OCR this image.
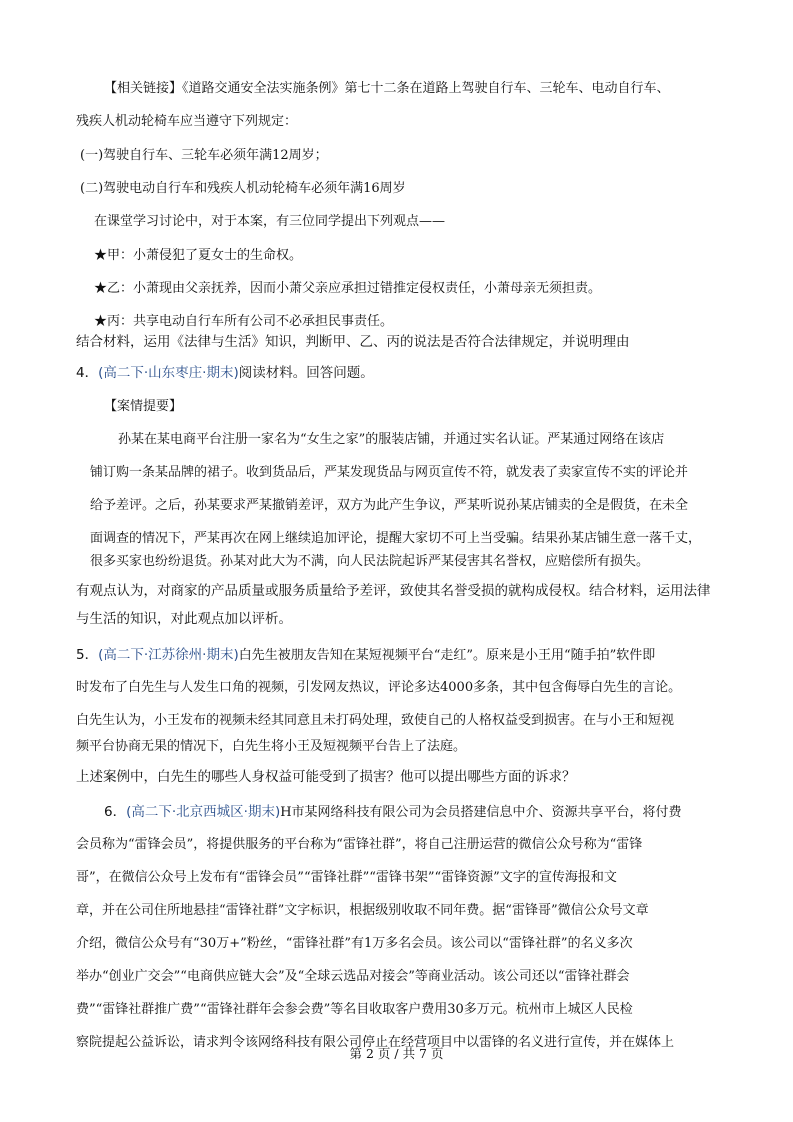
【相关链接】《道路交通安全法实施条例》第七十二条在道路上驾驶自行车、三轮车、电动自行车、
残疾人机动轮椅车应当遵守下列规定：
(一)驾驶自行车、三轮车必须年满12周岁；
(二)驾驶电动自行车和残疾人机动轮椅车必须年满16周岁
在课堂学习讨论中，对于本案，有三位同学提出下列观点——
★甲：小萧侵犯了夏女士的生命权。
★乙：小萧现由父亲抚养，因而小萧父亲应承担过错推定侵权责任，小萧母亲无须担责。
★丙：共享电动自行车所有公司不必承担民事责任。
结合材料，运用《法律与生活》知识，判断甲、乙、丙的说法是否符合法律规定，并说明理由
4．(高二下·山东枣庄·期末)阅读材料。回答问题。
【案情提要】
孙某在某电商平台注册一家名为“女生之家”的服装店铺，并通过实名认证。严某通过网络在该店
铺订购一条某品牌的裙子。收到货品后，严某发现货品与网页宣传不符，就发表了卖家宣传不实的评论并
给予差评。之后，孙某要求严某撤销差评，双方为此产生争议，严某听说孙某店铺卖的全是假货，在未全
面调查的情况下，严某再次在网上继续追加评论，提醒大家切不可上当受骗。结果孙某店铺生意一落千丈，
很多买家也纷纷退货。孙某对此大为不满，向人民法院起诉严某侵害其名誉权，应赔偿所有损失。
有观点认为，对商家的产品质量或服务质量给予差评，致使其名誉受损的就构成侵权。结合材料，运用法律
与生活的知识，对此观点加以评析。
5．(高二下·江苏徐州·期末)白先生被朋友告知在某短视频平台“走红”。原来是小王用“随手拍”软件即
时发布了白先生与人发生口角的视频，引发网友热议，评论多达4000多条，其中包含侮辱白先生的言论。
白先生认为，小王发布的视频未经其同意且未打码处理，致使自己的人格权益受到损害。在与小王和短视
频平台协商无果的情况下，白先生将小王及短视频平台告上了法庭。
上述案例中，白先生的哪些人身权益可能受到了损害？他可以提出哪些方面的诉求？
6．(高二下·北京西城区·期末)H市某网络科技有限公司为会员搭建信息中介、资源共享平台，将付费
会员称为“雷锋会员”，将提供服务的平台称为“雷锋社群”，将自己注册运营的微信公众号称为“雷锋
哥”，在微信公众号上发布有“雷锋会员”“雷锋社群”“雷锋书架”“雷锋资源”文字的宣传海报和文
章，并在公司住所地悬挂“雷锋社群”文字标识，根据级别收取不同年费。据“雷锋哥”微信公众号文章
介绍，微信公众号有“30万+”粉丝，“雷锋社群”有1万多名会员。该公司以“雷锋社群”的名义多次
举办“创业广交会”“电商供应链大会”及“全球云选品对接会”等商业活动。该公司还以“雷锋社群会
费”“雷锋社群推广费”“雷锋社群年会参会费”等名目收取客户费用30多万元。杭州市上城区人民检
察院提起公益诉讼，请求判令该网络科技有限公司停止在经营项目中以雷锋的名义进行宣传，并在媒体上
第 2 页 / 共 7 页
